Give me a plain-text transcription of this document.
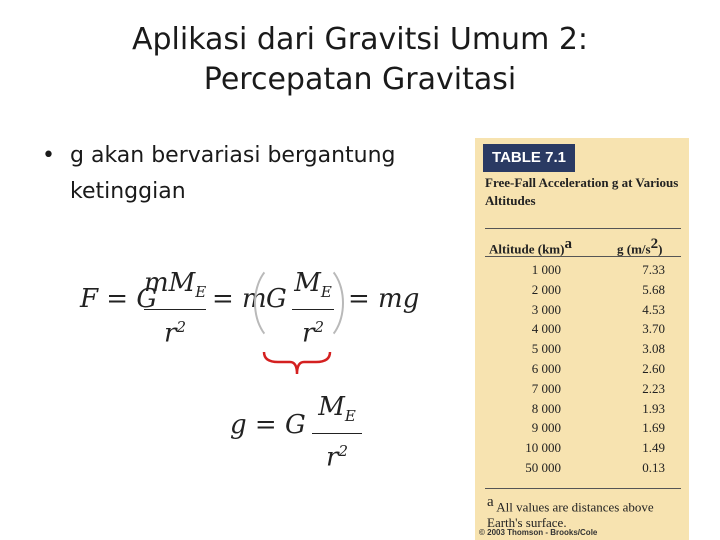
Aplikasi dari Gravitsi Umum 2:
Percepatan Gravitasi
• g akan bervariasi bergantung ketinggian
F = G
$mM_E$
$r^2$
= m G
$M_E$
$r^2$
= mg
g = G
$M_E$
$r^2$
TABLE 7.1
Free-Fall Acceleration g at Various Altitudes
Altitude (km)$^a$	g $(m/s^2)$
1 000	7.33
2 000	5.68
3 000	4.53
4 000	3.70
5 000	3.08
6 000	2.60
7 000	2.23
8 000	1.93
9 000	1.69
10 000	1.49
50 000	0.13
$^a$ All values are distances above Earth's surface.
© 2003 Thomson - Brooks/Cole
